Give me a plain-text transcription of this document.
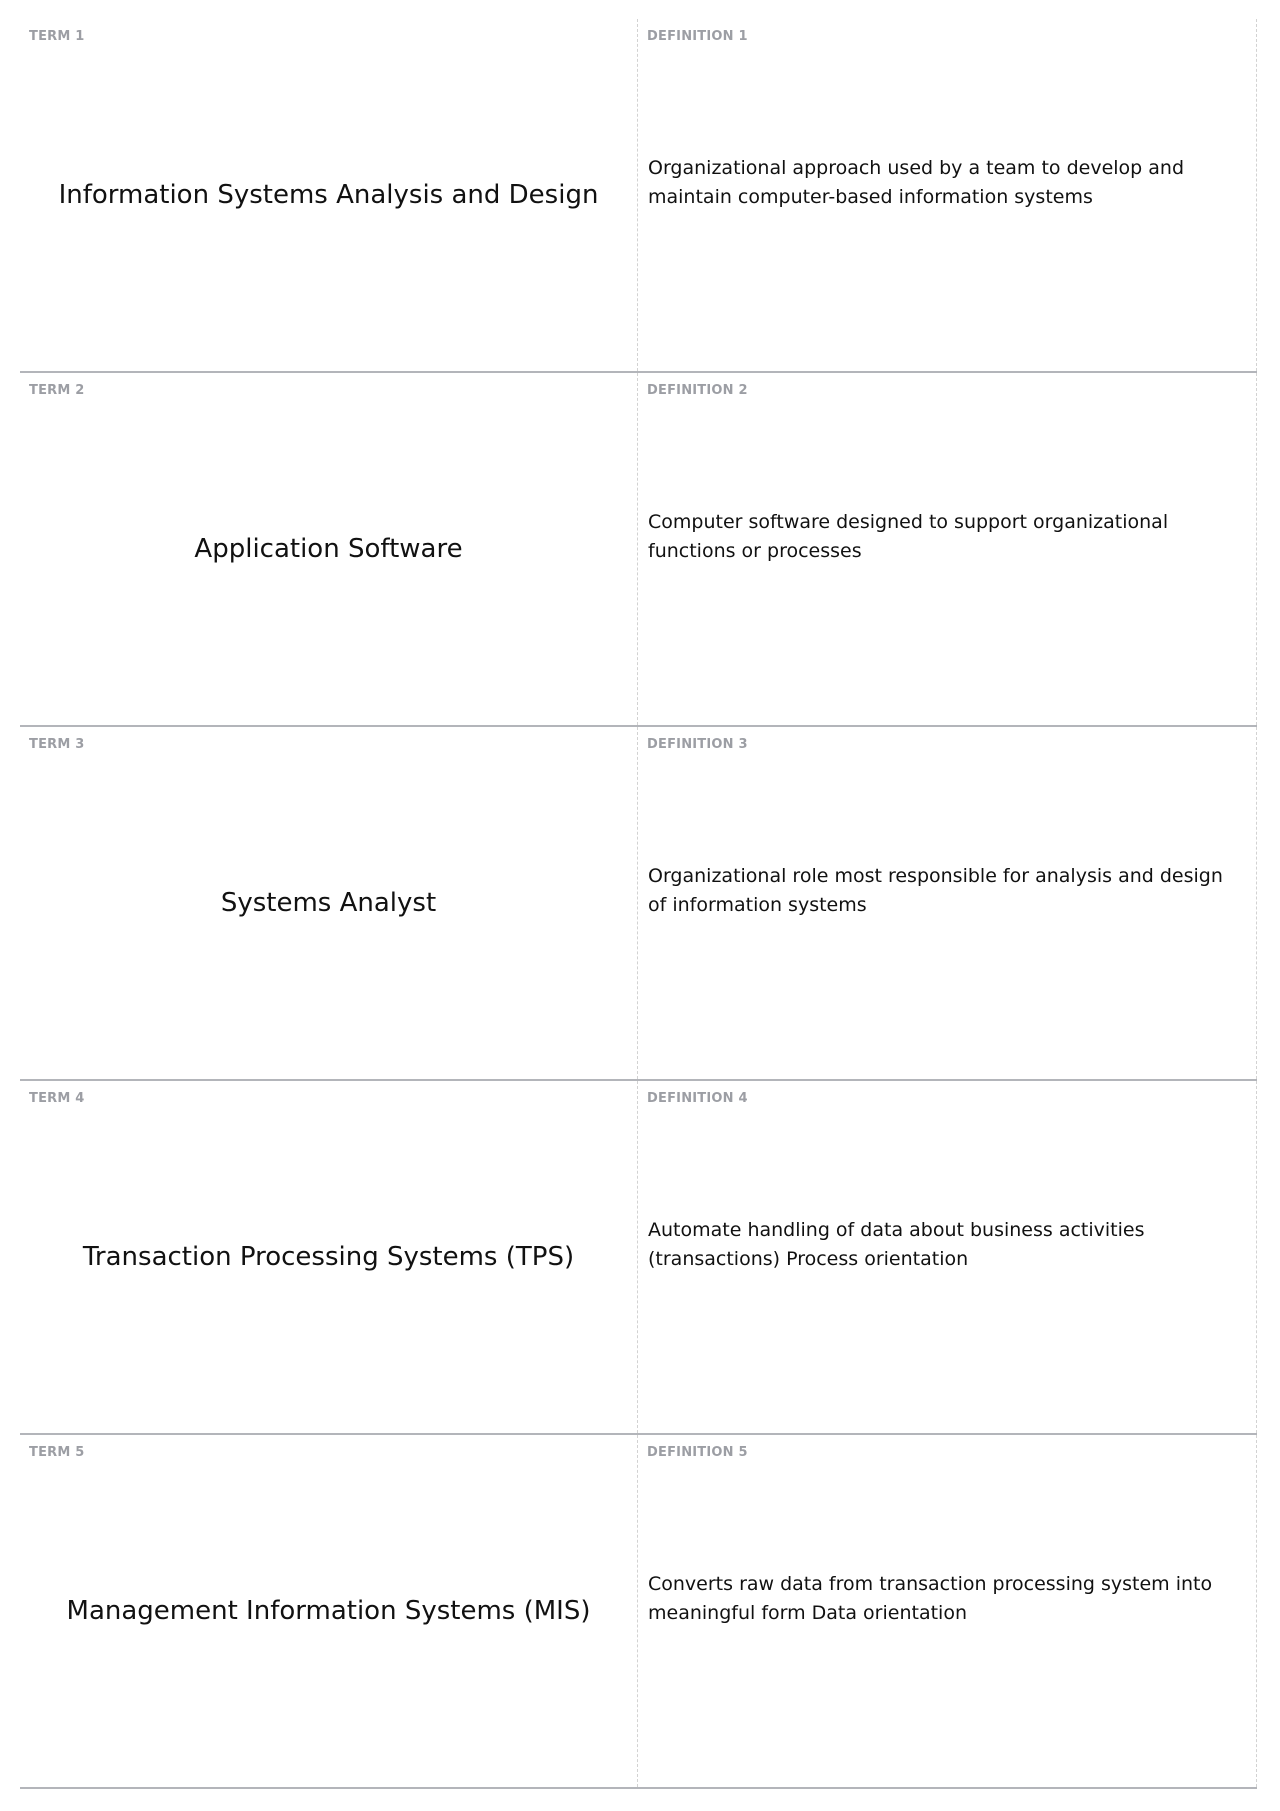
TERM 1
Information Systems Analysis and Design
DEFINITION 1
Organizational approach used by a team to develop and maintain computer-based information systems
TERM 2
Application Software
DEFINITION 2
Computer software designed to support organizational functions or processes
TERM 3
Systems Analyst
DEFINITION 3
Organizational role most responsible for analysis and design of information systems
TERM 4
Transaction Processing Systems (TPS)
DEFINITION 4
Automate handling of data about business activities (transactions) Process orientation
TERM 5
Management Information Systems (MIS)
DEFINITION 5
Converts raw data from transaction processing system into meaningful form Data orientation
